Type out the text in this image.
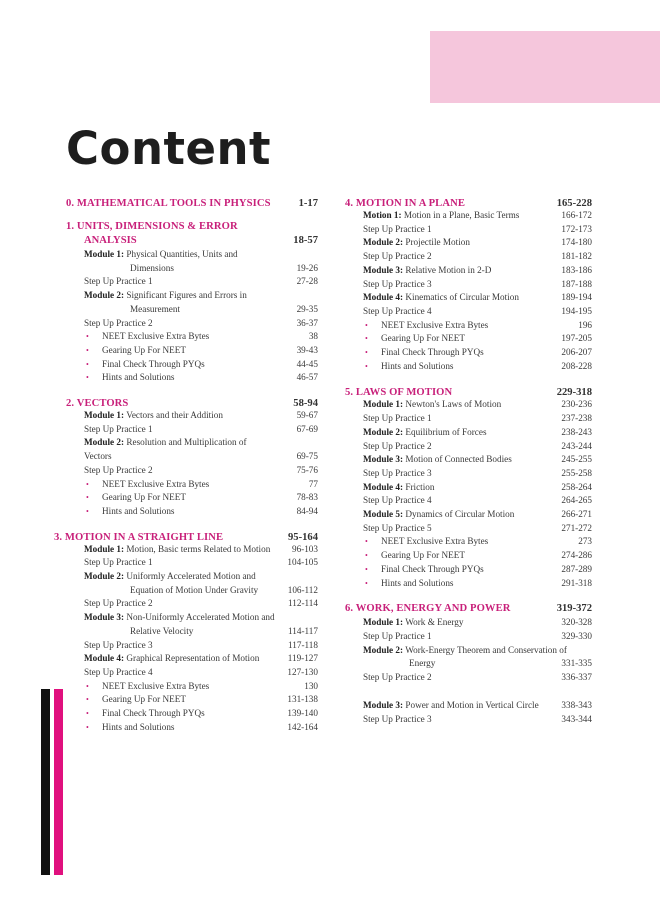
Content
0. MATHEMATICAL TOOLS IN PHYSICS	1-17
1. UNITS, DIMENSIONS & ERROR
ANALYSIS	18-57
Module 1: Physical Quantities, Units and
Dimensions	19-26
Step Up Practice 1	27-28
Module 2: Significant Figures and Errors in
Measurement	29-35
Step Up Practice 2	36-37
• NEET Exclusive Extra Bytes	38
• Gearing Up For NEET	39-43
• Final Check Through PYQs	44-45
• Hints and Solutions	46-57
2. VECTORS	58-94
Module 1: Vectors and their Addition	59-67
Step Up Practice 1	67-69
Module 2: Resolution and Multiplication of
Vectors	69-75
Step Up Practice 2	75-76
• NEET Exclusive Extra Bytes	77
• Gearing Up For NEET	78-83
• Hints and Solutions	84-94
3. MOTION IN A STRAIGHT LINE	95-164
Module 1: Motion, Basic terms Related to Motion	96-103
Step Up Practice 1	104-105
Module 2: Uniformly Accelerated Motion and
Equation of Motion Under Gravity	106-112
Step Up Practice 2	112-114
Module 3: Non-Uniformly Accelerated Motion and
Relative Velocity	114-117
Step Up Practice 3	117-118
Module 4: Graphical Representation of Motion	119-127
Step Up Practice 4	127-130
• NEET Exclusive Extra Bytes	130
• Gearing Up For NEET	131-138
• Final Check Through PYQs	139-140
• Hints and Solutions	142-164
4. MOTION IN A PLANE	165-228
Motion 1: Motion in a Plane, Basic Terms	166-172
Step Up Practice 1	172-173
Module 2: Projectile Motion	174-180
Step Up Practice 2	181-182
Module 3: Relative Motion in 2-D	183-186
Step Up Practice 3	187-188
Module 4: Kinematics of Circular Motion	189-194
Step Up Practice 4	194-195
• NEET Exclusive Extra Bytes	196
• Gearing Up For NEET	197-205
• Final Check Through PYQs	206-207
• Hints and Solutions	208-228
5. LAWS OF MOTION	229-318
Module 1: Newton's Laws of Motion	230-236
Step Up Practice 1	237-238
Module 2: Equilibrium of Forces	238-243
Step Up Practice 2	243-244
Module 3: Motion of Connected Bodies	245-255
Step Up Practice 3	255-258
Module 4: Friction	258-264
Step Up Practice 4	264-265
Module 5: Dynamics of Circular Motion	266-271
Step Up Practice 5	271-272
• NEET Exclusive Extra Bytes	273
• Gearing Up For NEET	274-286
• Final Check Through PYQs	287-289
• Hints and Solutions	291-318
6. WORK, ENERGY AND POWER	319-372
Module 1: Work & Energy	320-328
Step Up Practice 1	329-330
Module 2: Work-Energy Theorem and Conservation of
Energy	331-335
Step Up Practice 2	336-337
Module 3: Power and Motion in Vertical Circle	338-343
Step Up Practice 3	343-344
